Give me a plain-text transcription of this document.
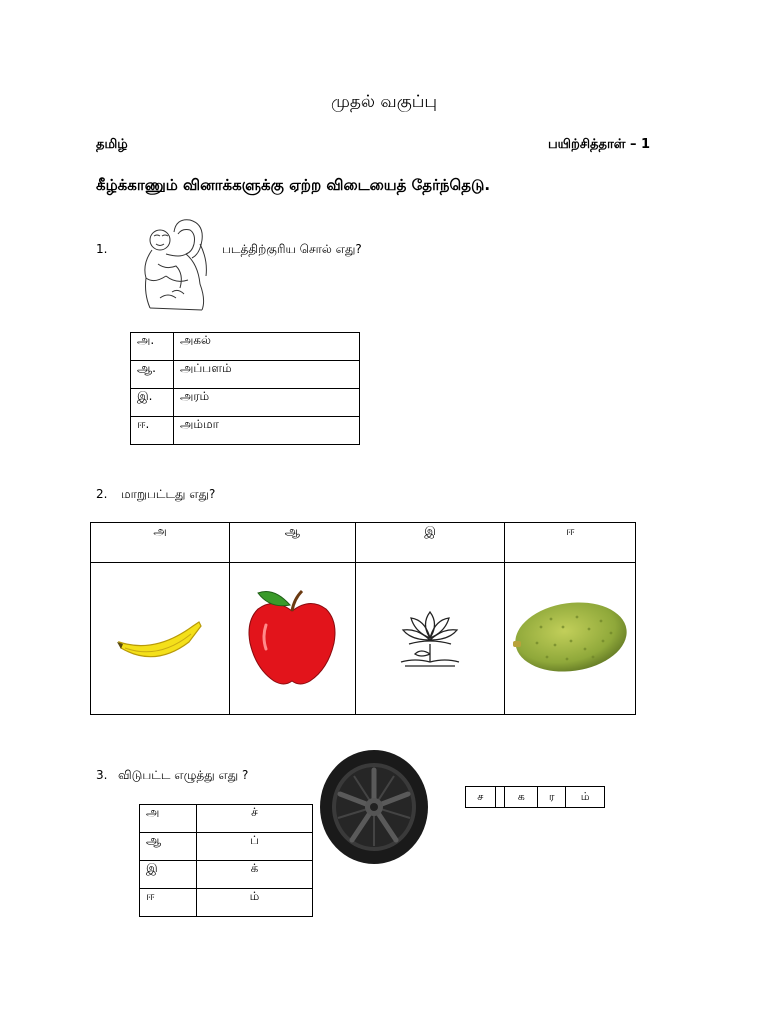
முதல் வகுப்பு
தமிழ்	பயிற்சித்தாள் – 1
கீழ்க்காணும் வினாக்களுக்கு ஏற்ற விடையைத் தேர்ந்தெடு.
1.	படத்திற்குரிய சொல் எது?
அ.	அகல்
ஆ.	அப்பளம்
இ.	அரம்
ஈ.	அம்மா
2. மாறுபட்டது எது?
அ	ஆ	இ	ஈ

3. விடுபட்ட எழுத்து எது ?
அ	ச்
ஆ	ப்
இ	க்
ஈ	ம்
ச		க	ர	ம்
